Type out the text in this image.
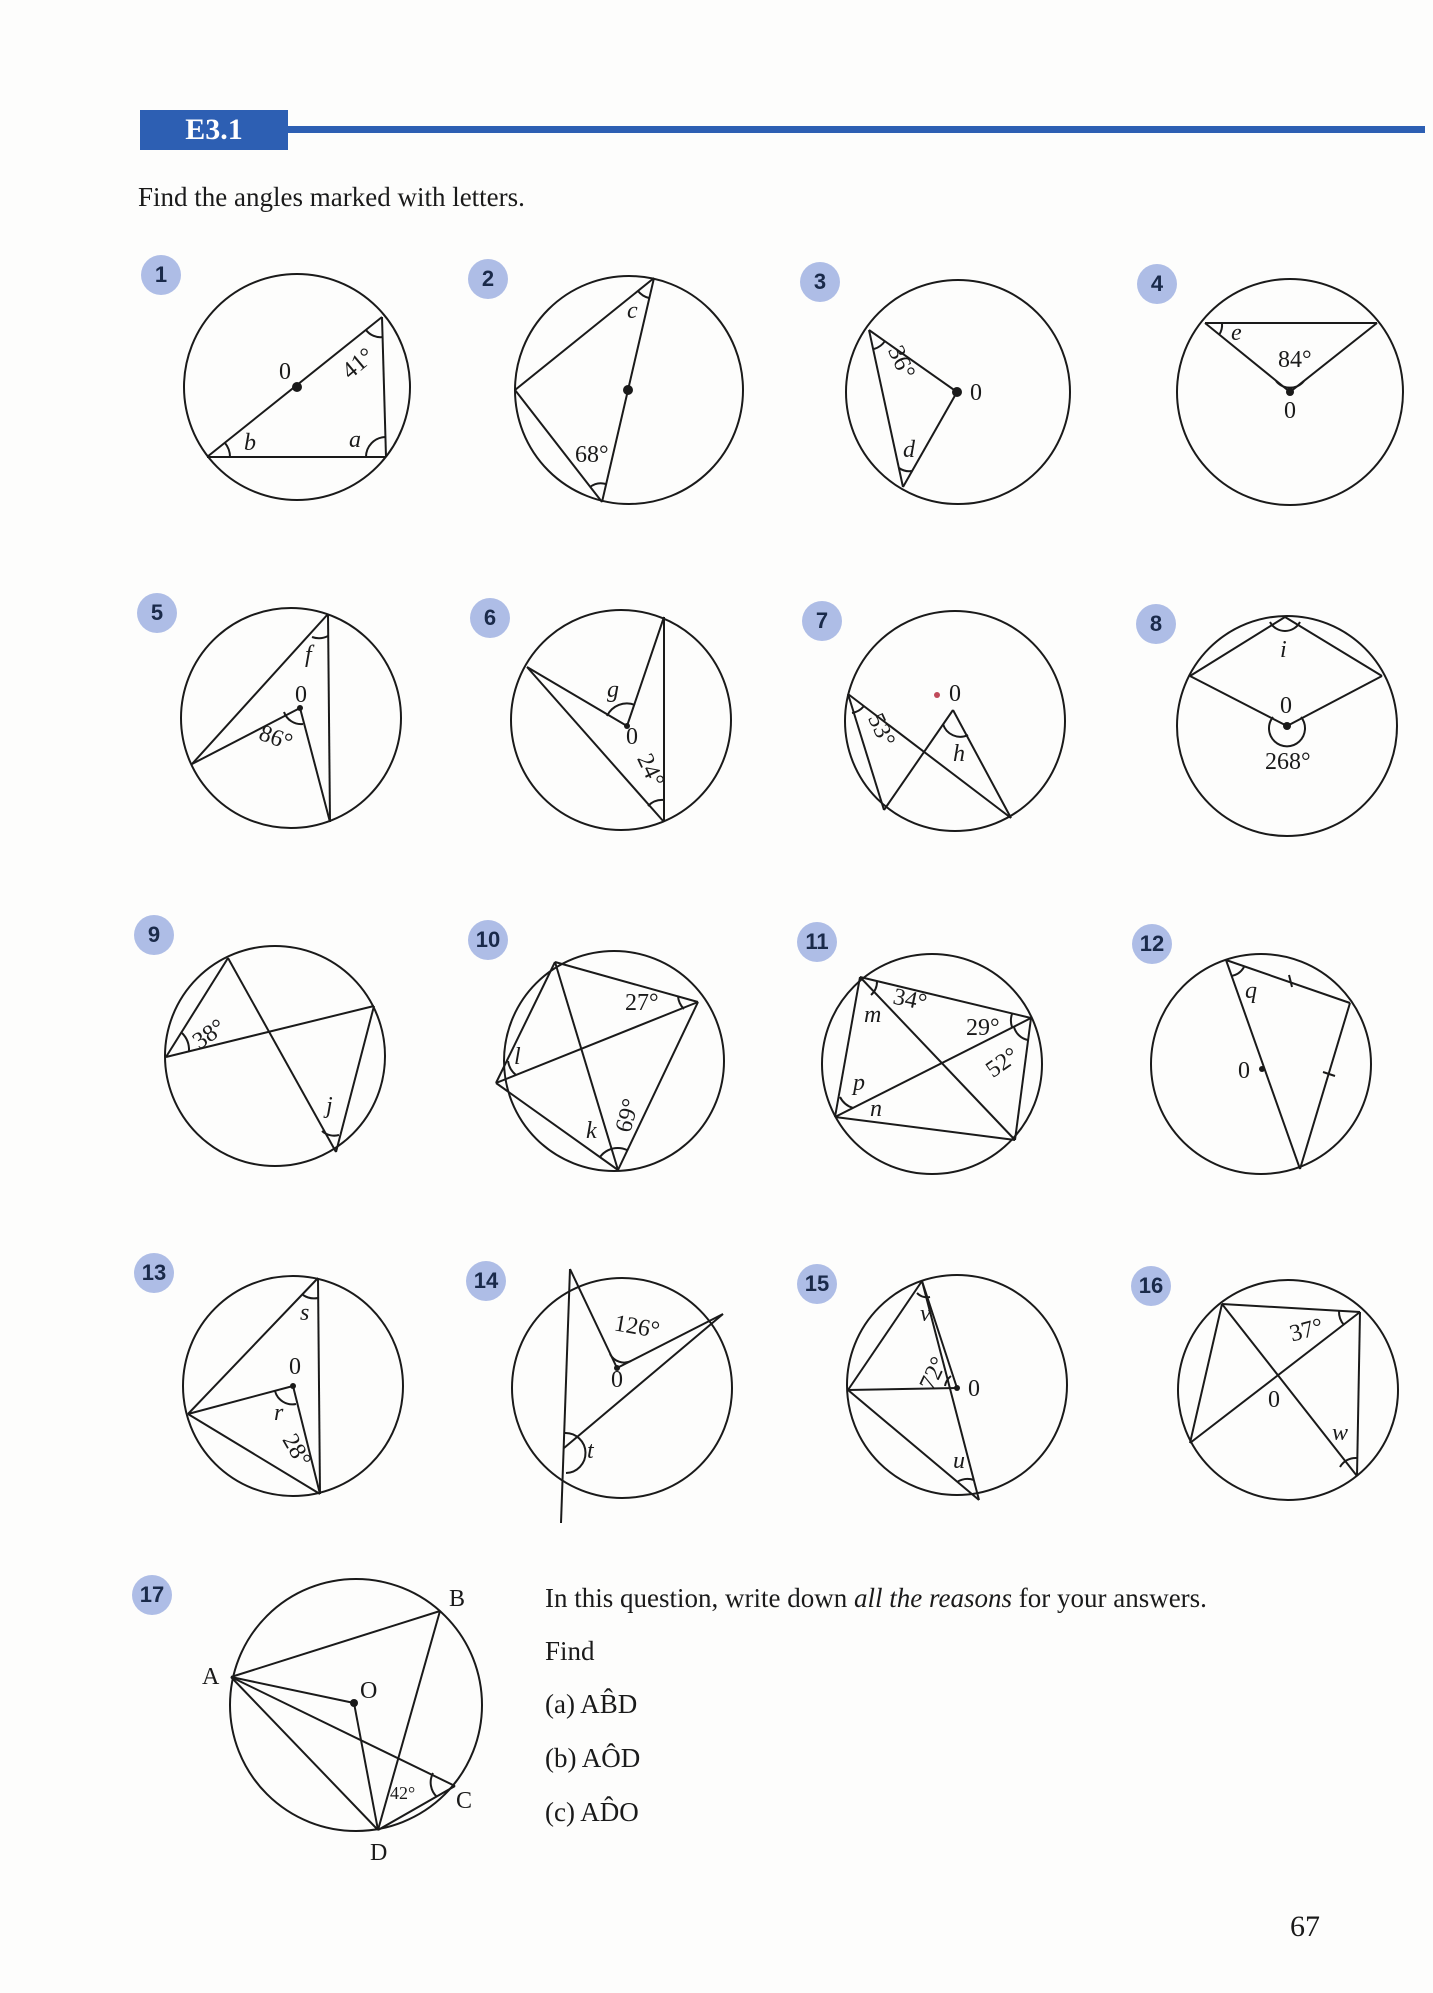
E3.1
Find the angles marked with letters.
1	2	3	4
5	6	7	8
9	10	11	12
13	14	15	16
17
0 41°
a
b
c
68°
36°
0
d
e
84°
0
f
0
86°
g
0
24°
0
53°
h
i
0
268°
38°
j
27°
l
k 69°
m 34°
29°
52°
p
n
q
0
s
0
r
28°
126°
0
t
v
72° 0
u
37°
0
w
A
B
C
D
O
42°

In this question, write down all the reasons for your answers.

Find

(a) AB̂D
(b) AÔD
(c) AD̂O
67
